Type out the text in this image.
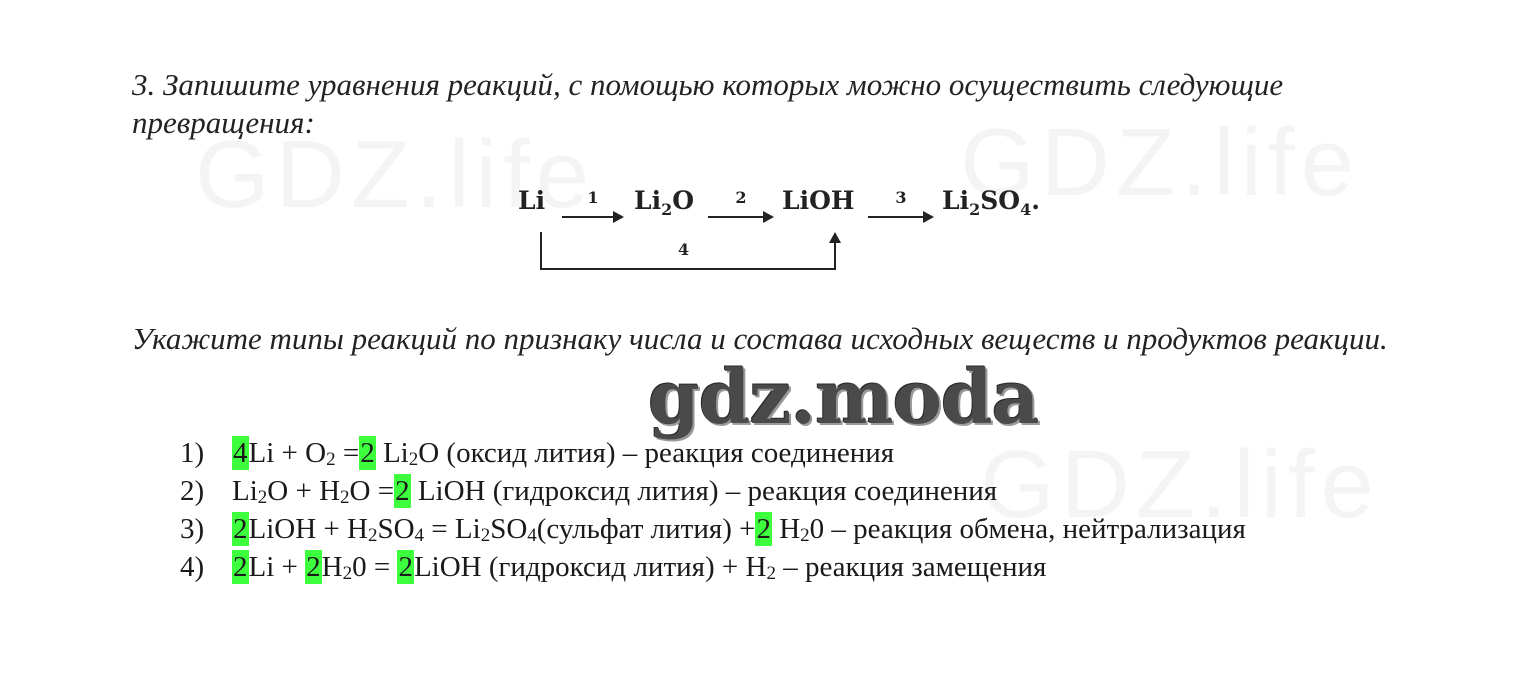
3. Запишите уравнения реакций, с помощью которых можно осуществить следующие превращения:
Li	1	$Li_2O$	2	LiOH	3	$Li_2SO_4$.
4
Укажите типы реакций по признаку числа и состава исходных веществ и продуктов реакции.
gdz.moda
1) $4Li + O_2 =2$ $Li_2O$ (оксид лития) – реакция соединения
2) $Li_2O + H_2O =2$ LiOH (гидроксид лития) – реакция соединения
3) 2LiOH + $H_2SO_4$ = $Li_2SO_4(сульфат$ лития) +2 $H_20$ – реакция обмена, нейтрализация
4) $2Li + 2H_20$ = 2LiOH (гидроксид лития) + $H_2$ – реакция замещения
